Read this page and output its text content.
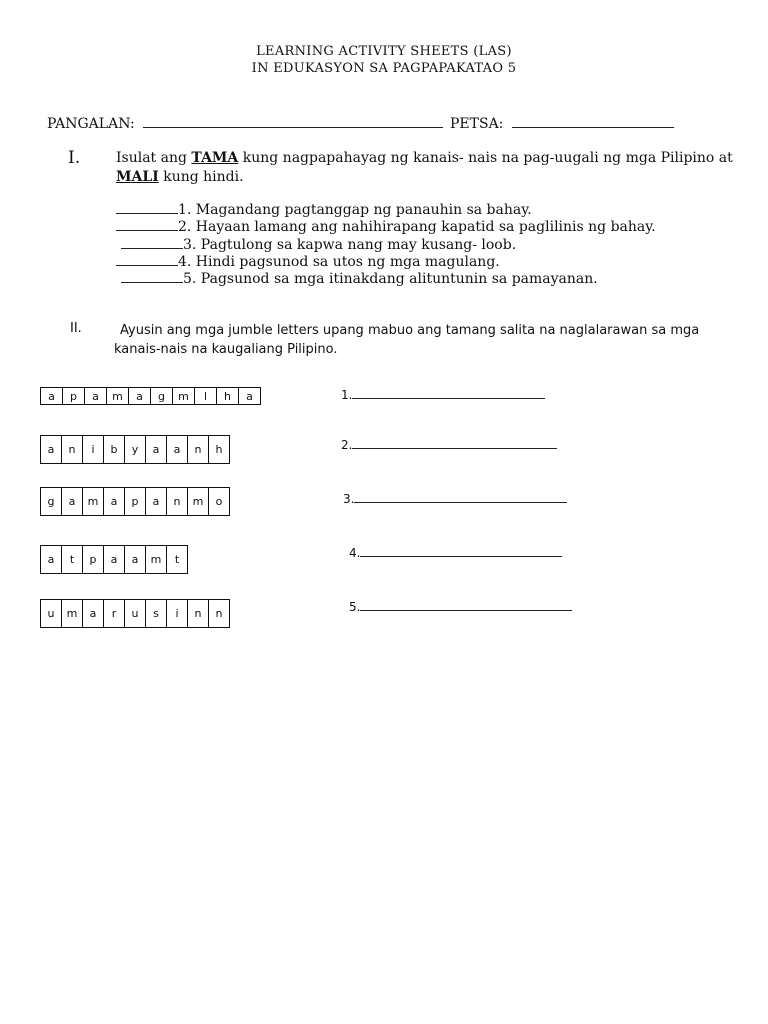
LEARNING ACTIVITY SHEETS (LAS)
IN EDUKASYON SA PAGPAPAKATAO 5
PANGALAN:	PETSA:
I.	Isulat ang TAMA kung nagpapahayag ng kanais- nais na pag-uugali ng mga Pilipino at MALI kung hindi.
1. Magandang pagtanggap ng panauhin sa bahay.
2. Hayaan lamang ang nahihirapang kapatid sa paglilinis ng bahay.
3. Pagtulong sa kapwa nang may kusang- loob.
4. Hindi pagsunod sa utos ng mga magulang.
5. Pagsunod sa mga itinakdang alituntunin sa pamayanan.
II.	Ayusin ang mga jumble letters upang mabuo ang tamang salita na naglalarawan sa mga kanais-nais na kaugaliang Pilipino.
a	p	a	m	a	g	m	l	h	a	1.
a	n	i	b	y	a	a	n	h	2.
g	a	m	a	p	a	n	m	o	3.
a	t	p	a	a	m	t	4.
u	m	a	r	u	s	i	n	n	5.
